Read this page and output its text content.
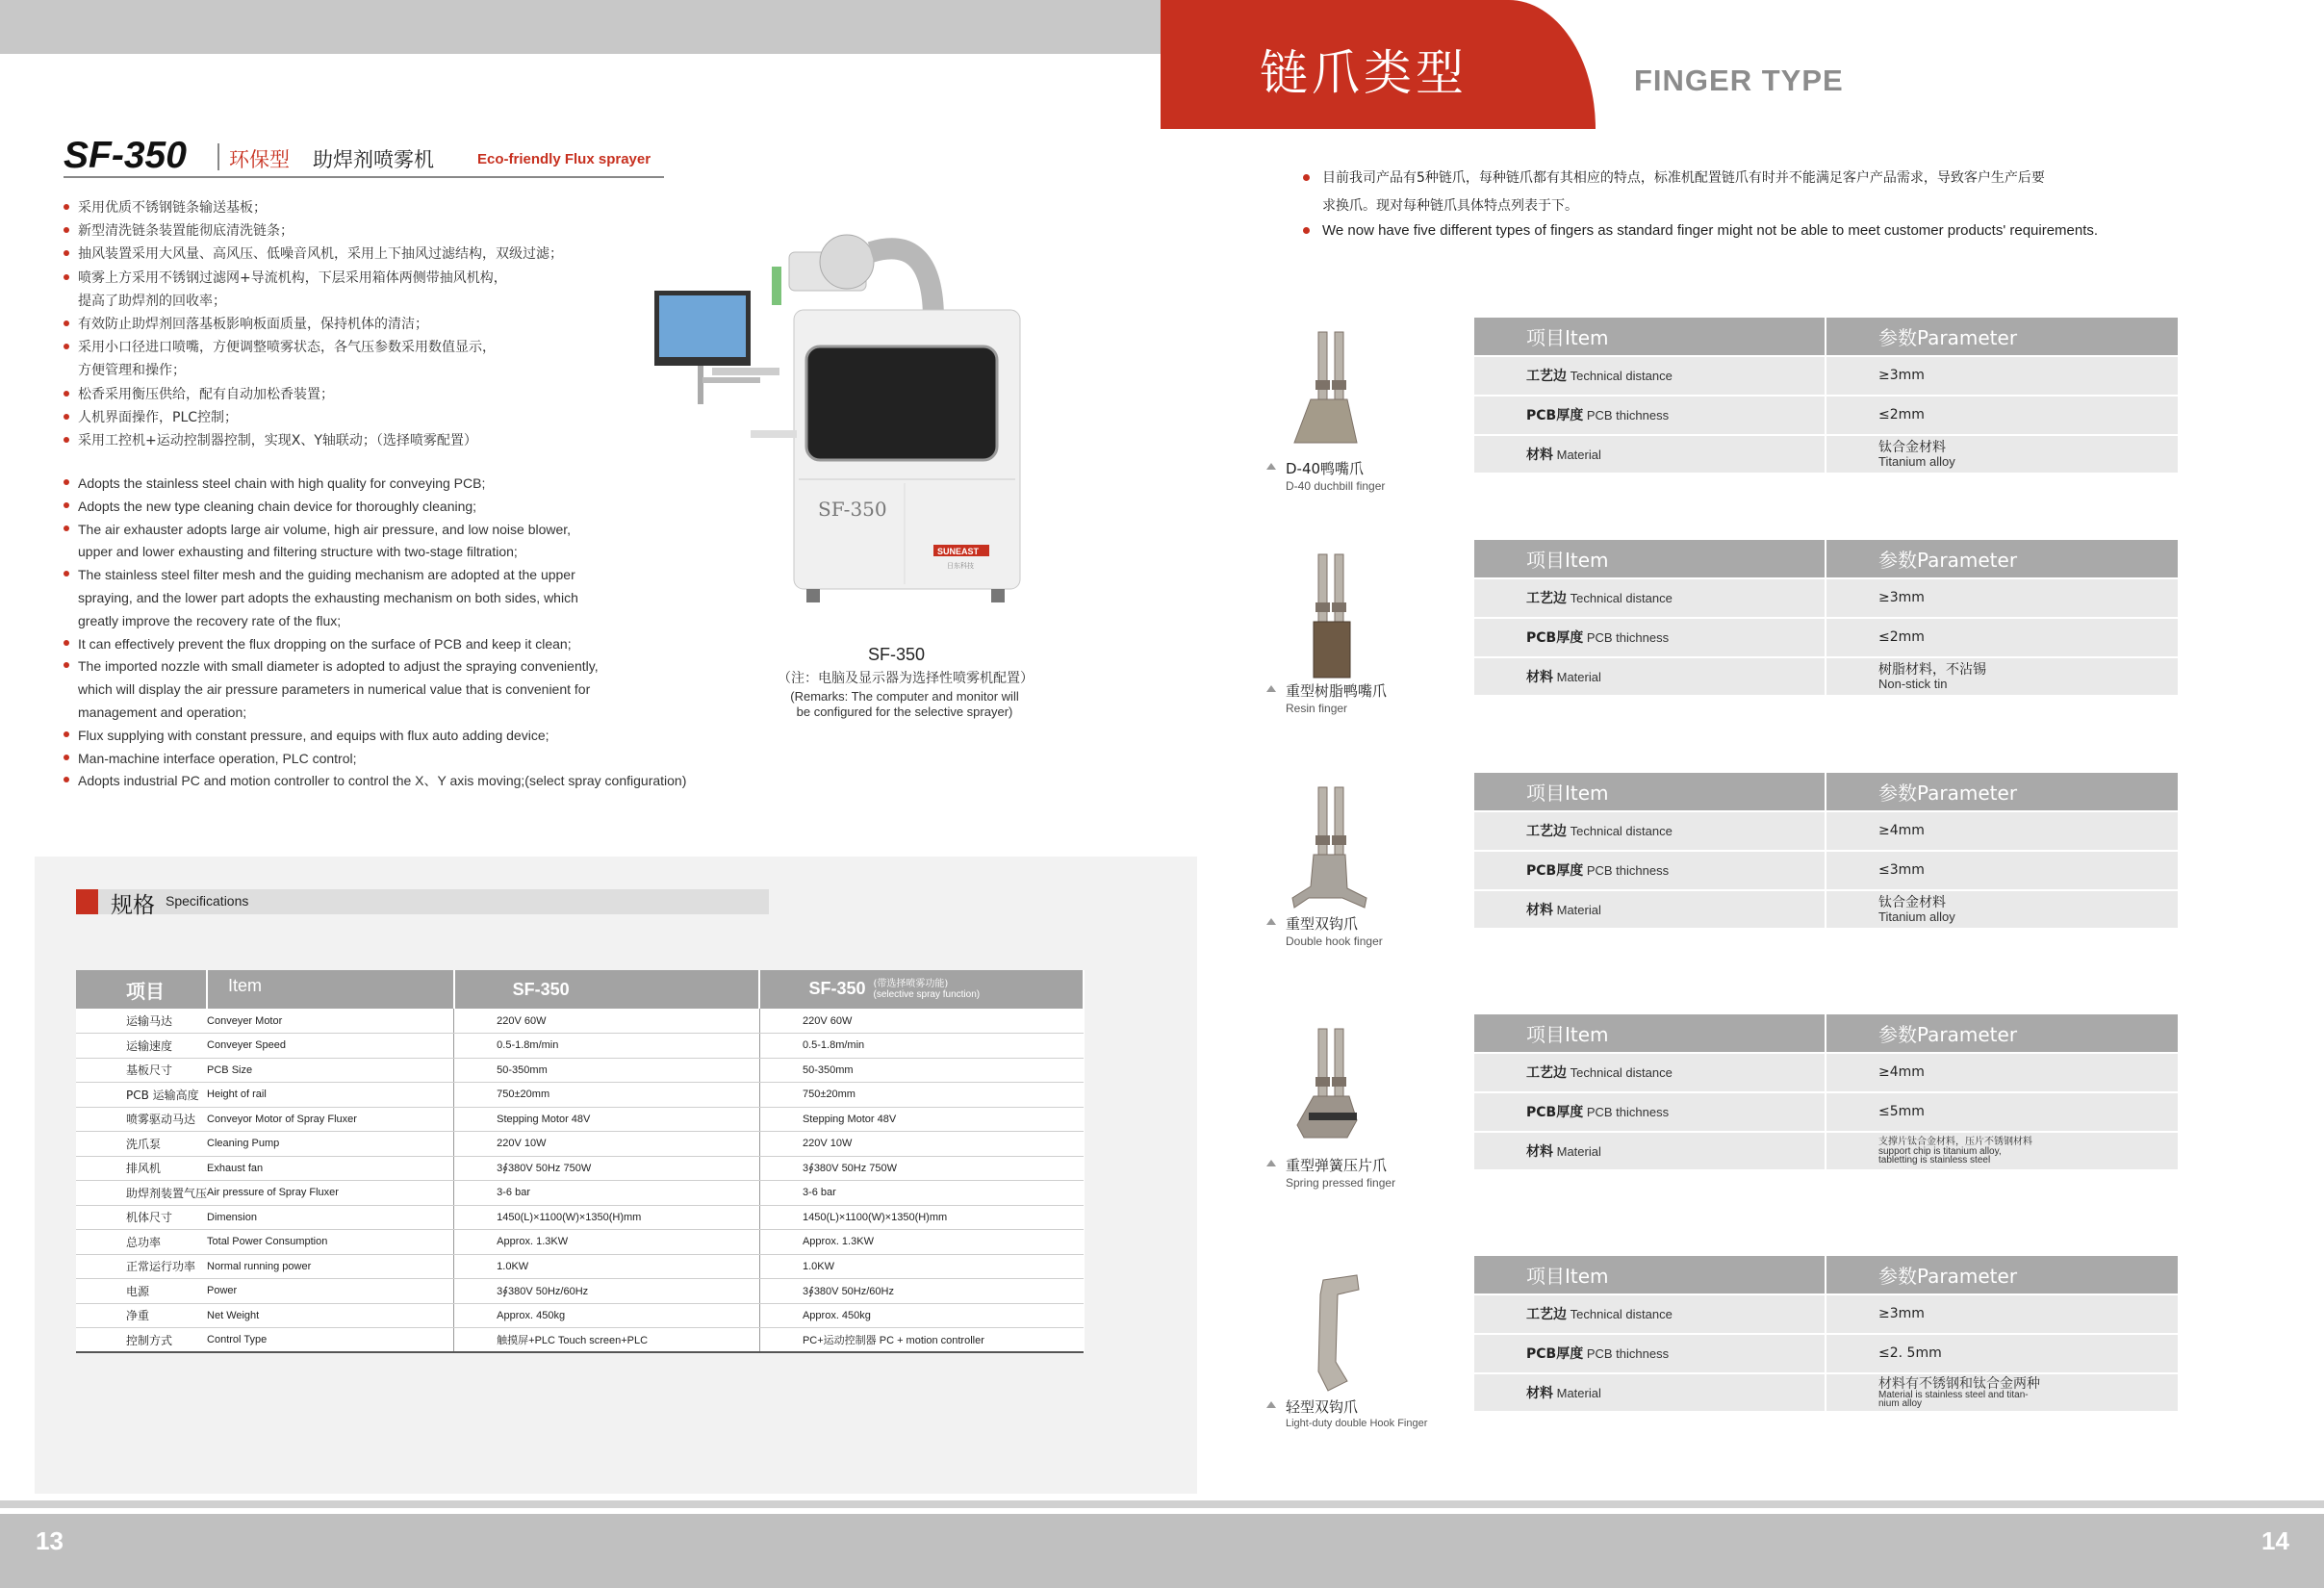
链爪类型	FINGER TYPE
SF-350 环保型 助焊剂喷雾机	Eco-friendly Flux sprayer
采用优质不锈钢链条输送基板；
新型清洗链条装置能彻底清洗链条；
抽风装置采用大风量、高风压、低噪音风机，采用上下抽风过滤结构，双级过滤；
喷雾上方采用不锈钢过滤网+导流机构，下层采用箱体两侧带抽风机构，
提高了助焊剂的回收率；
有效防止助焊剂回落基板影响板面质量，保持机体的清洁；
采用小口径进口喷嘴，方便调整喷雾状态，各气压参数采用数值显示，
方便管理和操作；
松香采用衡压供给，配有自动加松香装置；
人机界面操作，PLC控制；
采用工控机+运动控制器控制，实现X、Y轴联动；（选择喷雾配置）
Adopts the stainless steel chain with high quality for conveying PCB;
Adopts the new type cleaning chain device for thoroughly cleaning;
The air exhauster adopts large air volume, high air pressure, and low noise blower,
upper and lower exhausting and filtering structure with two-stage filtration;
The stainless steel filter mesh and the guiding mechanism are adopted at the upper
spraying, and the lower part adopts the exhausting mechanism on both sides, which
greatly improve the recovery rate of the flux;
It can effectively prevent the flux dropping on the surface of PCB and keep it clean;
The imported nozzle with small diameter is adopted to adjust the spraying conveniently,
which will display the air pressure parameters in numerical value that is convenient for
management and operation;
Flux supplying with constant pressure, and equips with flux auto adding device;
Man-machine interface operation, PLC control;
Adopts industrial PC and motion controller to control the X、Y axis moving;(select spray configuration)
SF-350
SUNEAST
日东科技
SF-350
（注：电脑及显示器为选择性喷雾机配置）
(Remarks: The computer and monitor will
be configured for the selective sprayer)
规格 Specifications
项目 Item		SF-350	SF-350 (带选择喷雾功能)
(selective spray function)
运输马达	Conveyer Motor	220V 60W	220V 60W
运输速度	Conveyer Speed	0.5-1.8m/min	0.5-1.8m/min
基板尺寸	PCB Size	50-350mm	50-350mm
PCB 运输高度	Height of rail	750±20mm	750±20mm
喷雾驱动马达	Conveyor Motor of Spray Fluxer	Stepping Motor 48V	Stepping Motor 48V
洗爪泵	Cleaning Pump	220V 10W	220V 10W
排风机	Exhaust fan	3∮380V 50Hz 750W	3∮380V 50Hz 750W
助焊剂装置气压	Air pressure of Spray Fluxer	3-6 bar	3-6 bar
机体尺寸	Dimension	1450(L)×1100(W)×1350(H)mm	1450(L)×1100(W)×1350(H)mm
总功率	Total Power Consumption	Approx. 1.3KW	Approx. 1.3KW
正常运行功率	Normal running power	1.0KW	1.0KW
电源	Power	3∮380V 50Hz/60Hz	3∮380V 50Hz/60Hz
净重	Net Weight	Approx. 450kg	Approx. 450kg
控制方式	Control Type	触摸屏+PLC Touch screen+PLC	PC+运动控制器 PC + motion controller
目前我司产品有5种链爪，每种链爪都有其相应的特点，标准机配置链爪有时并不能满足客户产品需求，导致客户生产后要
求换爪。现对每种链爪具体特点列表于下。
We now have five different types of fingers as standard finger might not be able to meet customer products' requirements.
项目Item	参数Parameter
工艺边 Technical distance	≥3mm

PCB厚度 PCB thichness	≤2mm

材料 Material	钛合金材料
Titanium alloy
D-40鸭嘴爪
D-40 duchbill finger
项目Item	参数Parameter
工艺边 Technical distance	≥3mm

PCB厚度 PCB thichness	≤2mm

材料 Material	树脂材料，不沾锡
Non-stick tin
重型树脂鸭嘴爪
Resin finger
项目Item	参数Parameter
工艺边 Technical distance	≥4mm

PCB厚度 PCB thichness	≤3mm

材料 Material	钛合金材料
Titanium alloy
重型双钩爪
Double hook finger
项目Item	参数Parameter
工艺边 Technical distance	≥4mm

PCB厚度 PCB thichness	≤5mm

材料 Material	支撑片钛合金材料，压片不锈钢材料
support chip is titanium alloy,
tabletting is stainless steel
重型弹簧压片爪
Spring pressed finger
项目Item	参数Parameter
工艺边 Technical distance	≥3mm

PCB厚度 PCB thichness	≤2. 5mm

材料 Material	材料有不锈钢和钛合金两种
Material is stainless steel and titan-
nium alloy
轻型双钩爪
Light-duty double Hook Finger
13	14
